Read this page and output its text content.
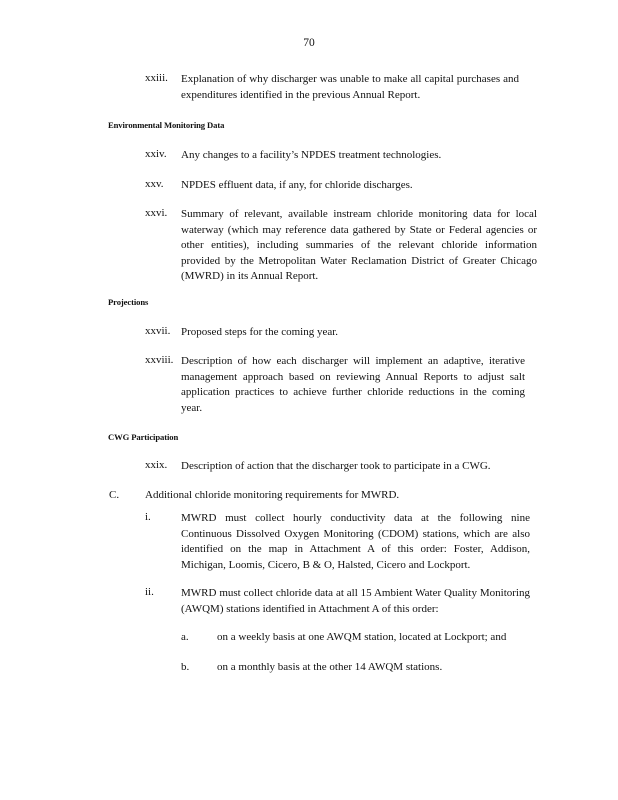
70
xxiii. Explanation of why discharger was unable to make all capital purchases and expenditures identified in the previous Annual Report.
Environmental Monitoring Data
xxiv. Any changes to a facility’s NPDES treatment technologies.
xxv. NPDES effluent data, if any, for chloride discharges.
xxvi. Summary of relevant, available instream chloride monitoring data for local waterway (which may reference data gathered by State or Federal agencies or other entities), including summaries of the relevant chloride information provided by the Metropolitan Water Reclamation District of Greater Chicago (MWRD) in its Annual Report.
Projections
xxvii. Proposed steps for the coming year.
xxviii. Description of how each discharger will implement an adaptive, iterative management approach based on reviewing Annual Reports to adjust salt application practices to achieve further chloride reductions in the coming year.
CWG Participation
xxix. Description of action that the discharger took to participate in a CWG.
C. Additional chloride monitoring requirements for MWRD.
i.	MWRD must collect hourly conductivity data at the following nine Continuous Dissolved Oxygen Monitoring (CDOM) stations, which are also identified on the map in Attachment A of this order: Foster, Addison, Michigan, Loomis, Cicero, B & O, Halsted, Cicero and Lockport.
ii. MWRD must collect chloride data at all 15 Ambient Water Quality Monitoring (AWQM) stations identified in Attachment A of this order:
a.	on a weekly basis at one AWQM station, located at Lockport; and
b.	on a monthly basis at the other 14 AWQM stations.
